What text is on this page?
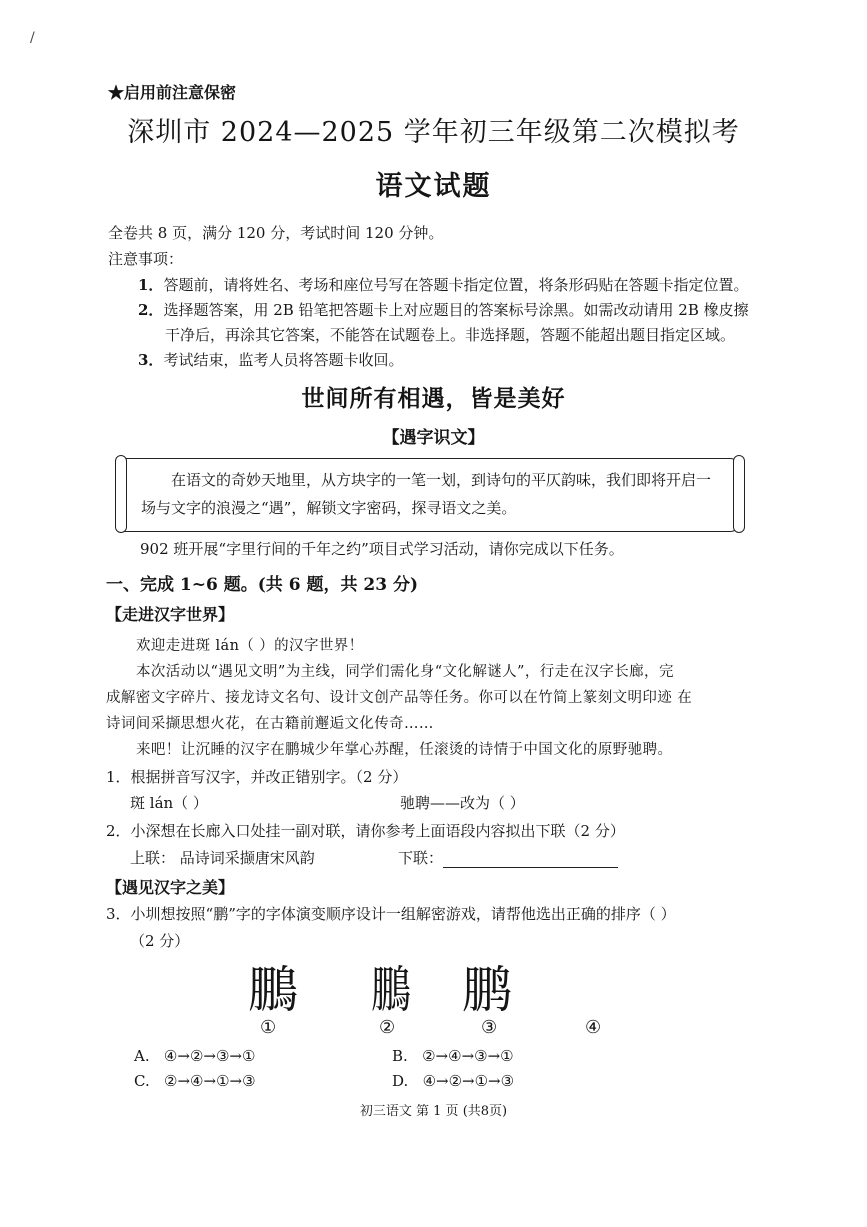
/
★启用前注意保密
深圳市 2024—2025 学年初三年级第二次模拟考
语文试题
全卷共 8 页，满分 120 分，考试时间 120 分钟。
注意事项：
1．答题前，请将姓名、考场和座位号写在答题卡指定位置，将条形码贴在答题卡指定位置。
2．选择题答案，用 2B 铅笔把答题卡上对应题目的答案标号涂黑。如需改动请用 2B 橡皮擦
干净后，再涂其它答案，不能答在试题卷上。非选择题，答题不能超出题目指定区域。
3．考试结束，监考人员将答题卡收回。
世间所有相遇，皆是美好
【遇字识文】
在语文的奇妙天地里，从方块字的一笔一划，到诗句的平仄韵味，我们即将开启一
场与文字的浪漫之“遇”，解锁文字密码，探寻语文之美。
902 班开展“字里行间的千年之约”项目式学习活动，请你完成以下任务。
一、完成 1~6 题。(共 6 题，共 23 分)
【走进汉字世界】
欢迎走进斑 lán（ ）的汉字世界！
本次活动以“遇见文明”为主线，同学们需化身“文化解谜人”，行走在汉字长廊，完
成解密文字碎片、接龙诗文名句、设计文创产品等任务。你可以在竹简上篆刻文明印迹 在
诗词间采撷思想火花，在古籍前邂逅文化传奇……
来吧！让沉睡的汉字在鹏城少年掌心苏醒，任滚烫的诗情于中国文化的原野驰聘。
1．根据拼音写汉字，并改正错别字。（2 分）
斑 lán（ ）	驰聘——改为（ ）
2．小深想在长廊入口处挂一副对联，请你参考上面语段内容拟出下联（2 分）
上联： 品诗词采撷唐宋风韵	下联：
【遇见汉字之美】
3．小圳想按照“鹏”字的字体演变顺序设计一组解密游戏，请帮他选出正确的排序（ ）
（2 分）
鵬 鵬 鹏
①	②	③	④
A. ④→②→③→①	B. ②→④→③→①
C. ②→④→①→③	D. ④→②→①→③
初三语文 第 1 页 (共8页)
